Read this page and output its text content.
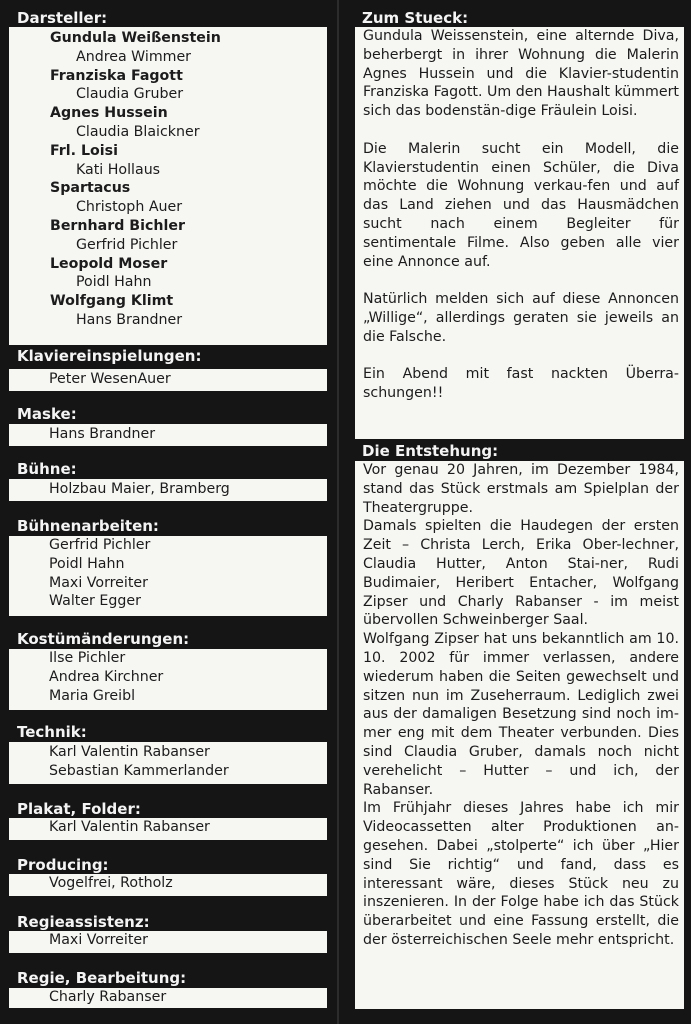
Darsteller:
Gundula Weißenstein
Andrea Wimmer
Franziska Fagott
Claudia Gruber
Agnes Hussein
Claudia Blaickner
Frl. Loisi
Kati Hollaus
Spartacus
Christoph Auer
Bernhard Bichler
Gerfrid Pichler
Leopold Moser
Poidl Hahn
Wolfgang Klimt
Hans Brandner
Klaviereinspielungen:
Peter WesenAuer
Maske:
Hans Brandner
Bühne:
Holzbau Maier, Bramberg
Bühnenarbeiten:
Gerfrid Pichler
Poidl Hahn
Maxi Vorreiter
Walter Egger
Kostümänderungen:
Ilse Pichler
Andrea Kirchner
Maria Greibl
Technik:
Karl Valentin Rabanser
Sebastian Kammerlander
Plakat, Folder:
Karl Valentin Rabanser
Producing:
Vogelfrei, Rotholz
Regieassistenz:
Maxi Vorreiter
Regie, Bearbeitung:
Charly Rabanser
Zum Stueck:

Gundula Weissenstein, eine alternde Diva, beherbergt in ihrer Wohnung die Malerin Agnes Hussein und die Klavier-studentin Franziska Fagott. Um den Haushalt kümmert sich das bodenstän-dige Fräulein Loisi.

Die Malerin sucht ein Modell, die Klavierstudentin einen Schüler, die Diva möchte die Wohnung verkau-fen und auf das Land ziehen und das Hausmädchen sucht nach einem Begleiter für sentimentale Filme. Also geben alle vier eine Annonce auf.

Natürlich melden sich auf diese Annoncen „Willige“, allerdings geraten sie jeweils an die Falsche.

Ein Abend mit fast nackten Überra-schungen!!

Die Entstehung:

Vor genau 20 Jahren, im Dezember 1984, stand das Stück erstmals am Spielplan der Theatergruppe.

Damals spielten die Haudegen der ersten Zeit – Christa Lerch, Erika Ober-lechner, Claudia Hutter, Anton Stai-ner, Rudi Budimaier, Heribert Entacher, Wolfgang Zipser und Charly Rabanser - im meist übervollen Schweinberger Saal.

Wolfgang Zipser hat uns bekanntlich am 10. 10. 2002 für immer verlassen, andere wiederum haben die Seiten gewechselt und sitzen nun im Zuseherraum. Lediglich zwei aus der damaligen Besetzung sind noch im-mer eng mit dem Theater verbunden. Dies sind Claudia Gruber, damals noch nicht verehelicht – Hutter – und ich, der Rabanser.

Im Frühjahr dieses Jahres habe ich mir Videocassetten alter Produktionen an-gesehen. Dabei „stolperte“ ich über „Hier sind Sie richtig“ und fand, dass es interessant wäre, dieses Stück neu zu inszenieren. In der Folge habe ich das Stück überarbeitet und eine Fassung erstellt, die der österreichischen Seele mehr entspricht.
